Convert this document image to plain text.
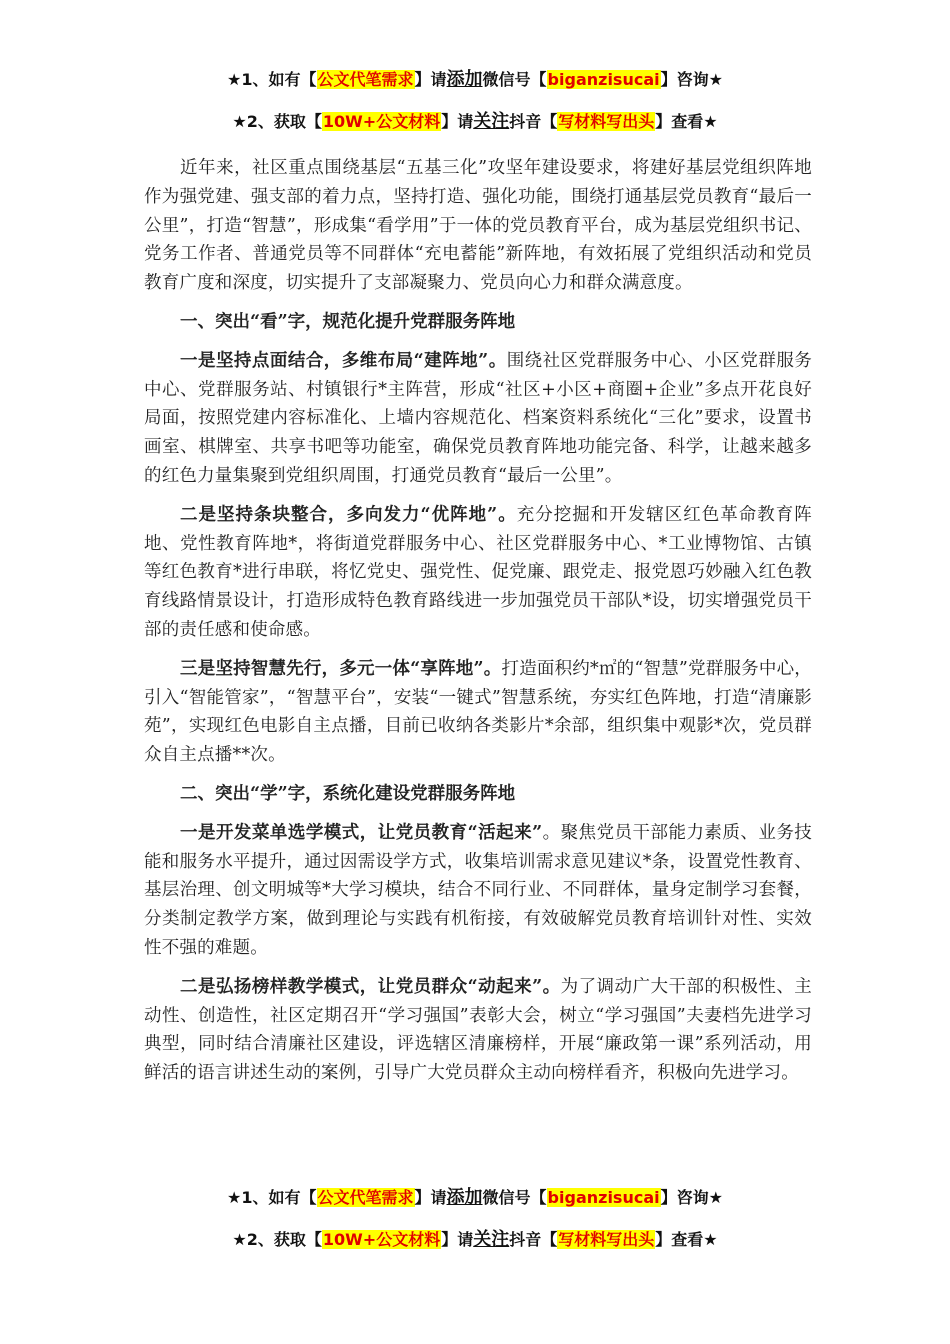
★1、如有【公文代笔需求】请添加微信号【biganzisucai】咨询★
★2、获取【10W+公文材料】请关注抖音【写材料写出头】查看★

近年来，社区重点围绕基层“五基三化”攻坚年建设要求，将建好基层党组织阵地作为强党建、强支部的着力点，坚持打造、强化功能，围绕打通基层党员教育“最后一公里”，打造“智慧”，形成集“看学用”于一体的党员教育平台，成为基层党组织书记、党务工作者、普通党员等不同群体“充电蓄能”新阵地，有效拓展了党组织活动和党员教育广度和深度，切实提升了支部凝聚力、党员向心力和群众满意度。

一、突出“看”字，规范化提升党群服务阵地

一是坚持点面结合，多维布局“建阵地”。围绕社区党群服务中心、小区党群服务中心、党群服务站、村镇银行*主阵营，形成“社区+小区+商圈+企业”多点开花良好局面，按照党建内容标准化、上墙内容规范化、档案资料系统化“三化”要求，设置书画室、棋牌室、共享书吧等功能室，确保党员教育阵地功能完备、科学，让越来越多的红色力量集聚到党组织周围，打通党员教育“最后一公里”。

二是坚持条块整合，多向发力“优阵地”。充分挖掘和开发辖区红色革命教育阵地、党性教育阵地*，将街道党群服务中心、社区党群服务中心、*工业博物馆、古镇等红色教育*进行串联，将忆党史、强党性、促党廉、跟党走、报党恩巧妙融入红色教育线路情景设计，打造形成特色教育路线进一步加强党员干部队*设，切实增强党员干部的责任感和使命感。

三是坚持智慧先行，多元一体“享阵地”。打造面积约*㎡的“智慧”党群服务中心，引入“智能管家”，“智慧平台”，安装“一键式”智慧系统，夯实红色阵地，打造“清廉影苑”，实现红色电影自主点播，目前已收纳各类影片*余部，组织集中观影*次，党员群众自主点播**次。

二、突出“学”字，系统化建设党群服务阵地

一是开发菜单选学模式，让党员教育“活起来”。聚焦党员干部能力素质、业务技能和服务水平提升，通过因需设学方式，收集培训需求意见建议*条，设置党性教育、基层治理、创文明城等*大学习模块，结合不同行业、不同群体，量身定制学习套餐，分类制定教学方案，做到理论与实践有机衔接，有效破解党员教育培训针对性、实效性不强的难题。

二是弘扬榜样教学模式，让党员群众“动起来”。为了调动广大干部的积极性、主动性、创造性，社区定期召开“学习强国”表彰大会，树立“学习强国”夫妻档先进学习典型，同时结合清廉社区建设，评选辖区清廉榜样，开展“廉政第一课”系列活动，用鲜活的语言讲述生动的案例，引导广大党员群众主动向榜样看齐，积极向先进学习。

★1、如有【公文代笔需求】请添加微信号【biganzisucai】咨询★
★2、获取【10W+公文材料】请关注抖音【写材料写出头】查看★
